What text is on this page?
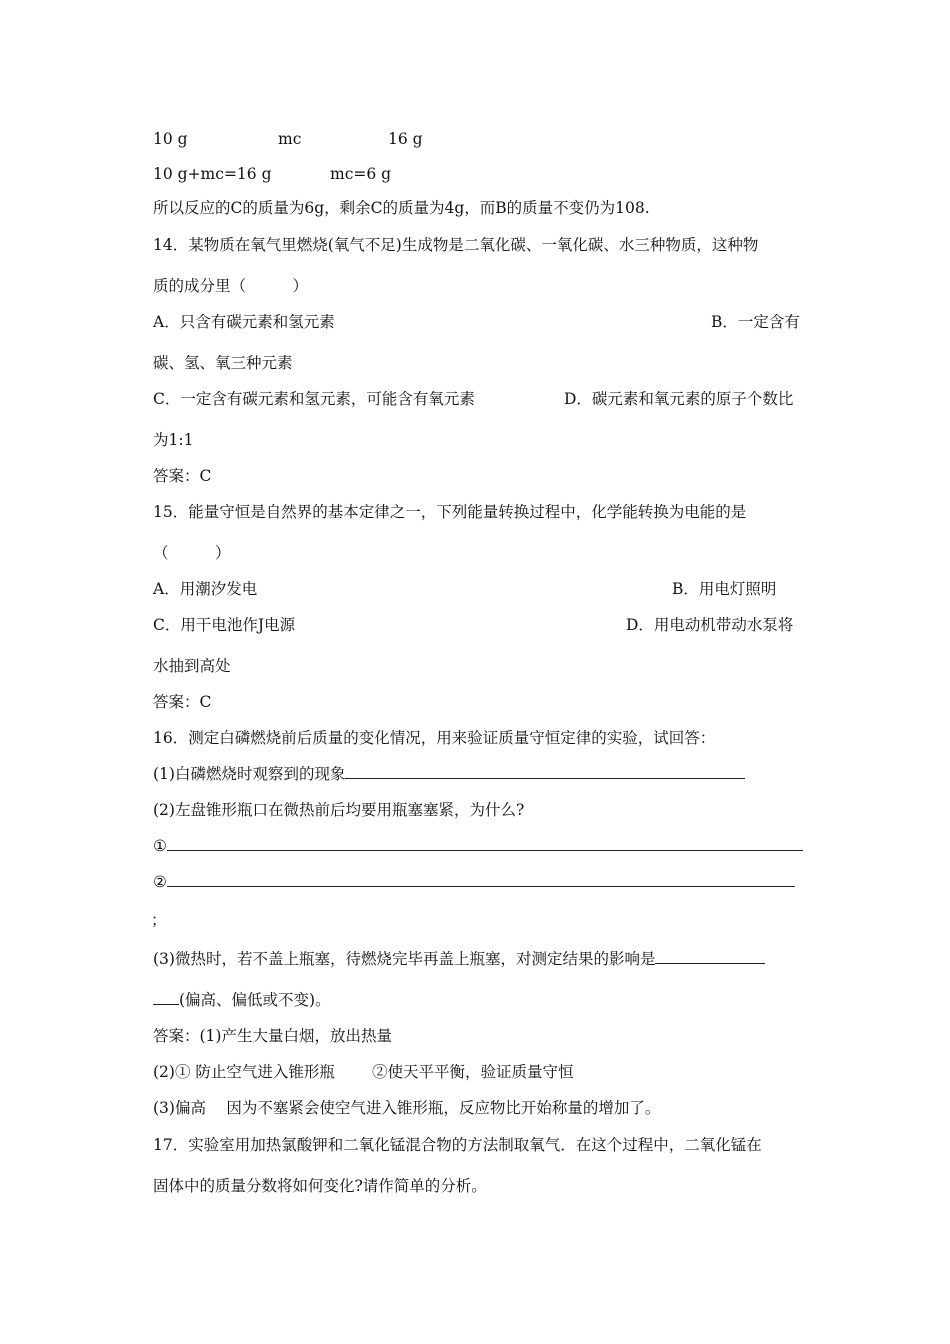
10 g	mc	16 g
10 g+mc=16 g	mc=6 g
所以反应的C的质量为6g，剩余C的质量为4g，而B的质量不变仍为108.
14．某物质在氧气里燃烧(氧气不足)生成物是二氧化碳、一氧化碳、水三种物质，这种物
质的成分里（　　　）
A．只含有碳元素和氢元素	B．一定含有
碳、氢、氧三种元素
C．一定含有碳元素和氢元素，可能含有氧元素	D．碳元素和氧元素的原子个数比
为1:1
答案：C
15．能量守恒是自然界的基本定律之一，下列能量转换过程中，化学能转换为电能的是
（　　　）
A．用潮汐发电	B．用电灯照明
C．用干电池作J电源	D．用电动机带动水泵将
水抽到高处
答案：C
16．测定白磷燃烧前后质量的变化情况，用来验证质量守恒定律的实验，试回答：
(1)白磷燃烧时观察到的现象
(2)左盘锥形瓶口在微热前后均要用瓶塞塞紧，为什么?
①
②
；
(3)微热时，若不盖上瓶塞，待燃烧完毕再盖上瓶塞，对测定结果的影响是
(偏高、偏低或不变)。
答案：(1)产生大量白烟，放出热量
(2)① 防止空气进入锥形瓶 ②使天平平衡，验证质量守恒
(3)偏高　 因为不塞紧会使空气进入锥形瓶，反应物比开始称量的增加了。
17．实验室用加热氯酸钾和二氧化锰混合物的方法制取氧气．在这个过程中，二氧化锰在
固体中的质量分数将如何变化?请作简单的分析。
